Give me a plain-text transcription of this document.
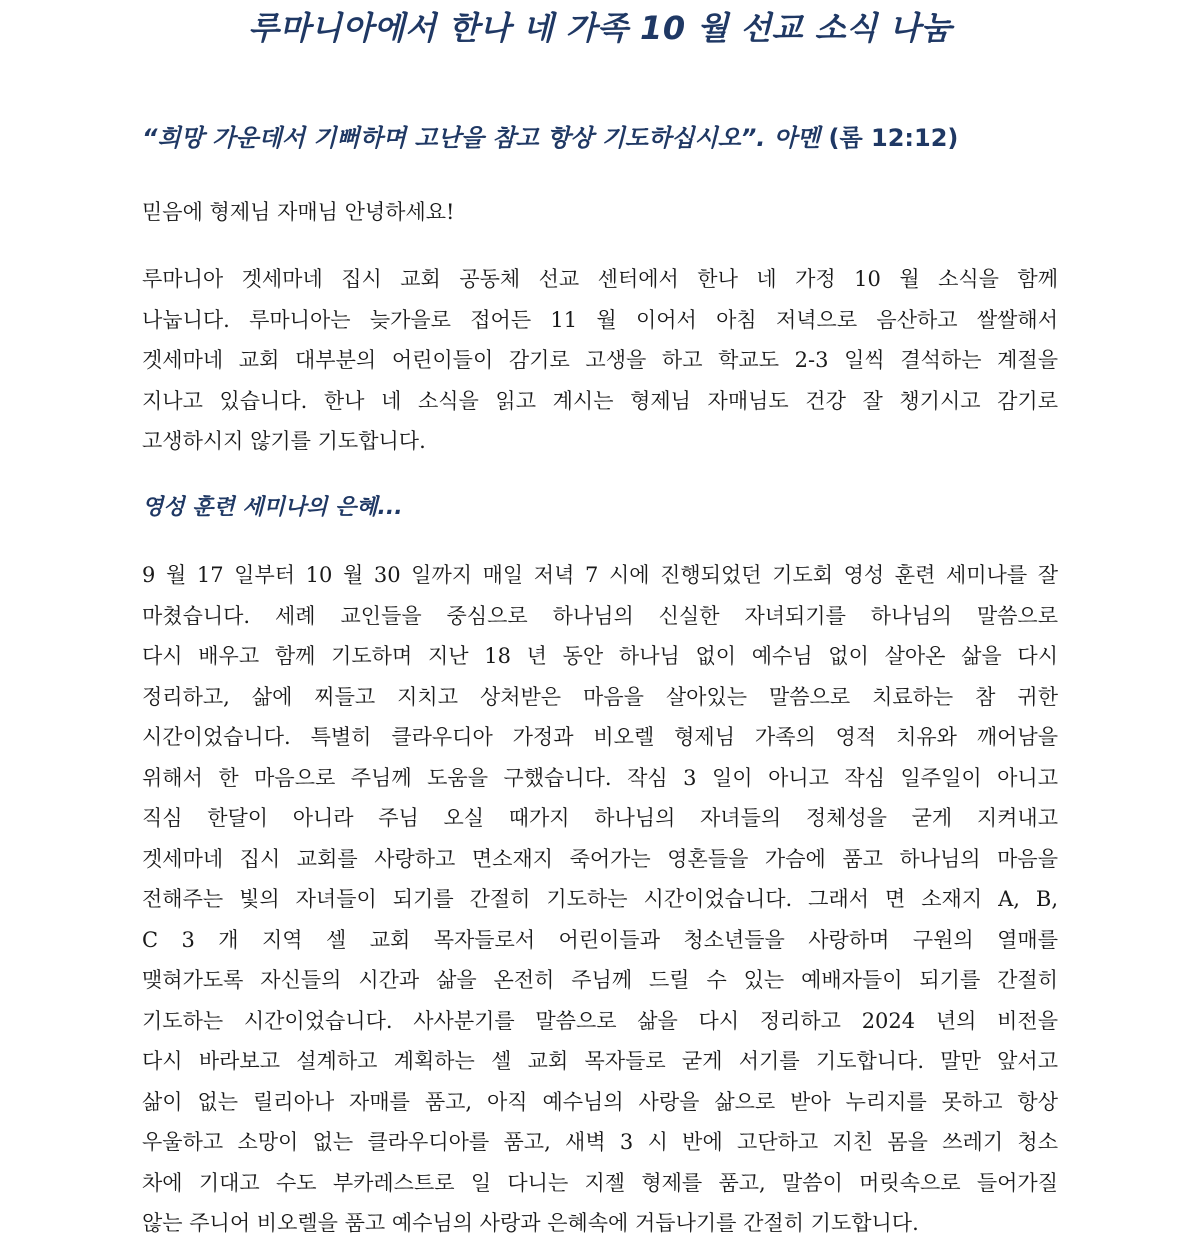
루마니아에서 한나 네 가족 10 월 선교 소식 나눔

“희망 가운데서 기뻐하며 고난을 참고 항상 기도하십시오”. 아멘 (롬 12:12)

믿음에 형제님 자매님 안녕하세요!

루마니아 겟세마네 집시 교회 공동체 선교 센터에서 한나 네 가정 10 월 소식을 함께
나눕니다. 루마니아는 늦가을로 접어든 11 월 이어서 아침 저녁으로 음산하고 쌀쌀해서
겟세마네 교회 대부분의 어린이들이 감기로 고생을 하고 학교도 2-3 일씩 결석하는 계절을
지나고 있습니다. 한나 네 소식을 읽고 계시는 형제님 자매님도 건강 잘 챙기시고 감기로
고생하시지 않기를 기도합니다.
영성 훈련 세미나의 은혜...
9 월 17 일부터 10 월 30 일까지 매일 저녁 7 시에 진행되었던 기도회 영성 훈련 세미나를 잘
마쳤습니다. 세례 교인들을 중심으로 하나님의 신실한 자녀되기를 하나님의 말씀으로
다시 배우고 함께 기도하며 지난 18 년 동안 하나님 없이 예수님 없이 살아온 삶을 다시
정리하고, 삶에 찌들고 지치고 상처받은 마음을 살아있는 말씀으로 치료하는 참 귀한
시간이었습니다. 특별히 클라우디아 가정과 비오렐 형제님 가족의 영적 치유와 깨어남을
위해서 한 마음으로 주님께 도움을 구했습니다. 작심 3 일이 아니고 작심 일주일이 아니고
직심 한달이 아니라 주님 오실 때가지 하나님의 자녀들의 정체성을 굳게 지켜내고
겟세마네 집시 교회를 사랑하고 면소재지 죽어가는 영혼들을 가슴에 품고 하나님의 마음을
전해주는 빛의 자녀들이 되기를 간절히 기도하는 시간이었습니다. 그래서 면 소재지 A, B,
C 3 개 지역 셀 교회 목자들로서 어린이들과 청소년들을 사랑하며 구원의 열매를
맺혀가도록 자신들의 시간과 삶을 온전히 주님께 드릴 수 있는 예배자들이 되기를 간절히
기도하는 시간이었습니다. 사사분기를 말씀으로 삶을 다시 정리하고 2024 년의 비전을
다시 바라보고 설계하고 계획하는 셀 교회 목자들로 굳게 서기를 기도합니다. 말만 앞서고
삶이 없는 릴리아나 자매를 품고, 아직 예수님의 사랑을 삶으로 받아 누리지를 못하고 항상
우울하고 소망이 없는 클라우디아를 품고, 새벽 3 시 반에 고단하고 지친 몸을 쓰레기 청소
차에 기대고 수도 부카레스트로 일 다니는 지젤 형제를 품고, 말씀이 머릿속으로 들어가질
않는 주니어 비오렐을 품고 예수님의 사랑과 은혜속에 거듭나기를 간절히 기도합니다.
